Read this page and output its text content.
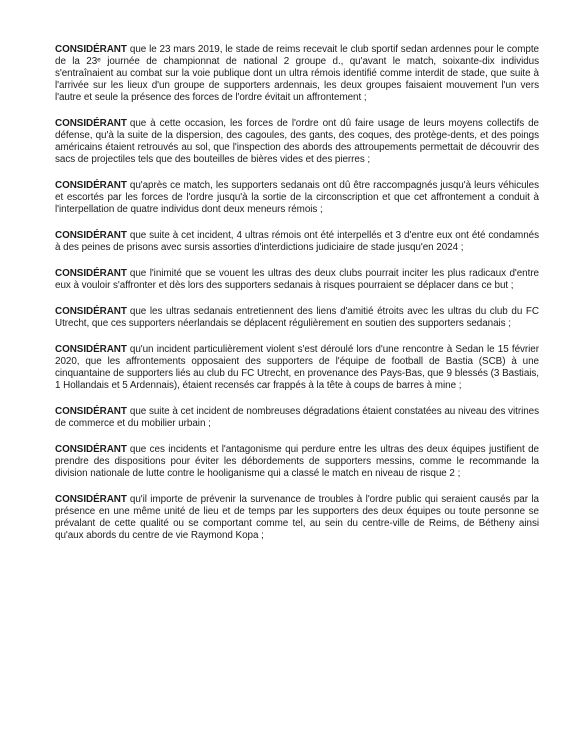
CONSIDÉRANT que le 23 mars 2019, le stade de reims recevait le club sportif sedan ardennes pour le compte de la 23ᵉ journée de championnat de national 2 groupe d., qu'avant le match, soixante-dix individus s'entraînaient au combat sur la voie publique dont un ultra rémois identifié comme interdit de stade, que suite à l'arrivée sur les lieux d'un groupe de supporters ardennais, les deux groupes faisaient mouvement l'un vers l'autre et seule la présence des forces de l'ordre évitait un affrontement ;

CONSIDÉRANT que à cette occasion, les forces de l'ordre ont dû faire usage de leurs moyens collectifs de défense, qu'à la suite de la dispersion, des cagoules, des gants, des coques, des protège-dents, et des poings américains étaient retrouvés au sol, que l'inspection des abords des attroupements permettait de découvrir des sacs de projectiles tels que des bouteilles de bières vides et des pierres ;

CONSIDÉRANT qu'après ce match, les supporters sedanais ont dû être raccompagnés jusqu'à leurs véhicules et escortés par les forces de l'ordre jusqu'à la sortie de la circonscription et que cet affrontement a conduit à l'interpellation de quatre individus dont deux meneurs rémois ;

CONSIDÉRANT que suite à cet incident, 4 ultras rémois ont été interpellés et 3 d'entre eux ont été condamnés à des peines de prisons avec sursis assorties d'interdictions judiciaire de stade jusqu'en 2024 ;

CONSIDÉRANT que l'inimité que se vouent les ultras des deux clubs pourrait inciter les plus radicaux d'entre eux à vouloir s'affronter et dès lors des supporters sedanais à risques pourraient se déplacer dans ce but ;

CONSIDÉRANT que les ultras sedanais entretiennent des liens d'amitié étroits avec les ultras du club du FC Utrecht, que ces supporters néerlandais se déplacent régulièrement en soutien des supporters sedanais ;

CONSIDÉRANT qu'un incident particulièrement violent s'est déroulé lors d'une rencontre à Sedan le 15 février 2020, que les affrontements opposaient des supporters de l'équipe de football de Bastia (SCB) à une cinquantaine de supporters liés au club du FC Utrecht, en provenance des Pays-Bas, que 9 blessés (3 Bastiais, 1 Hollandais et 5 Ardennais), étaient recensés car frappés à la tête à coups de barres à mine ;

CONSIDÉRANT que suite à cet incident de nombreuses dégradations étaient constatées au niveau des vitrines de commerce et du mobilier urbain ;

CONSIDÉRANT que ces incidents et l'antagonisme qui perdure entre les ultras des deux équipes justifient de prendre des dispositions pour éviter les débordements de supporters messins, comme le recommande la division nationale de lutte contre le hooliganisme qui a classé le match en niveau de risque 2 ;

CONSIDÉRANT qu'il importe de prévenir la survenance de troubles à l'ordre public qui seraient causés par la présence en une même unité de lieu et de temps par les supporters des deux équipes ou toute personne se prévalant de cette qualité ou se comportant comme tel, au sein du centre-ville de Reims, de Bétheny ainsi qu'aux abords du centre de vie Raymond Kopa ;
